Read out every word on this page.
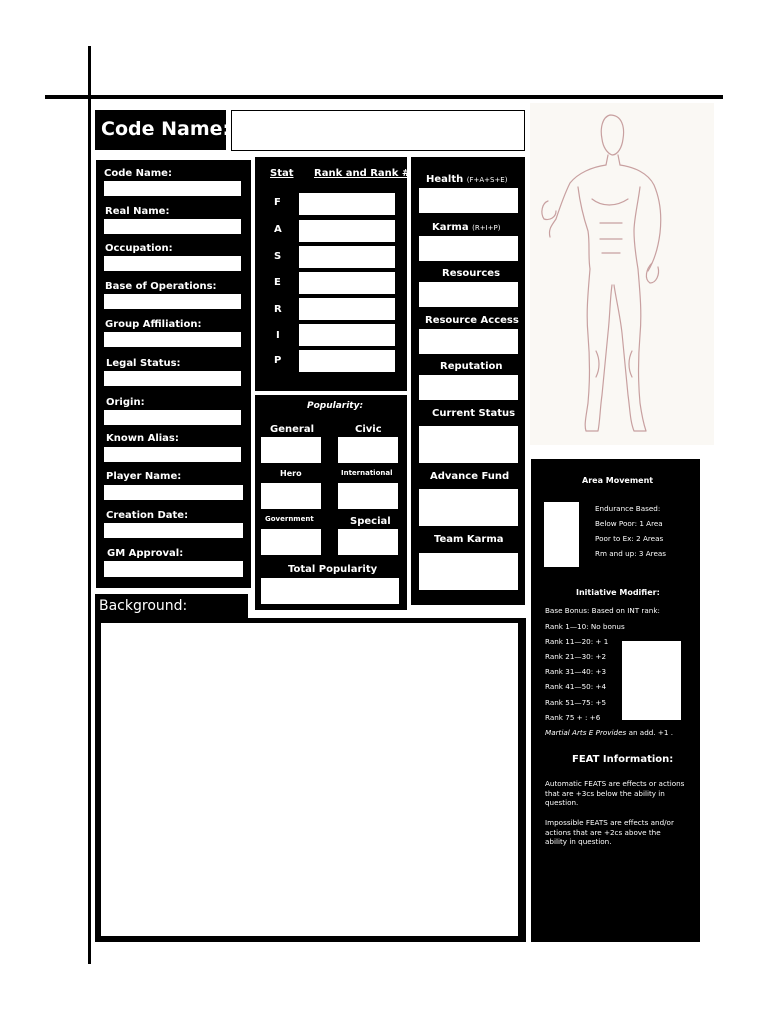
Code Name:
Code Name:
Real Name:
Occupation:
Base of Operations:
Group Affiliation:
Legal Status:
Origin:
Known Alias:
Player Name:
Creation Date:
GM Approval:
Stat Rank and Rank #
F
A
S
E
R
I
P
Popularity:
General	Civic
Hero	International
Government	Special
Total Popularity
Health (F+A+S+E)
Karma (R+I+P)
Resources
Resource Access
Reputation
Current Status
Advance Fund
Team Karma
Area Movement
Endurance Based:
Below Poor: 1 Area
Poor to Ex: 2 Areas
Rm and up: 3 Areas
Initiative Modifier:
Base Bonus: Based on INT rank:
Rank 1—10: No bonus
Rank 11—20: + 1
Rank 21—30: +2
Rank 31—40: +3
Rank 41—50: +4
Rank 51—75: +5
Rank 75 + : +6
Martial Arts E Provides an add. +1 .
FEAT Information:
Automatic FEATS are effects or actions that are +3cs below the ability in question.
Impossible FEATS are effects and/or actions that are +2cs above the ability in question.
Background:
